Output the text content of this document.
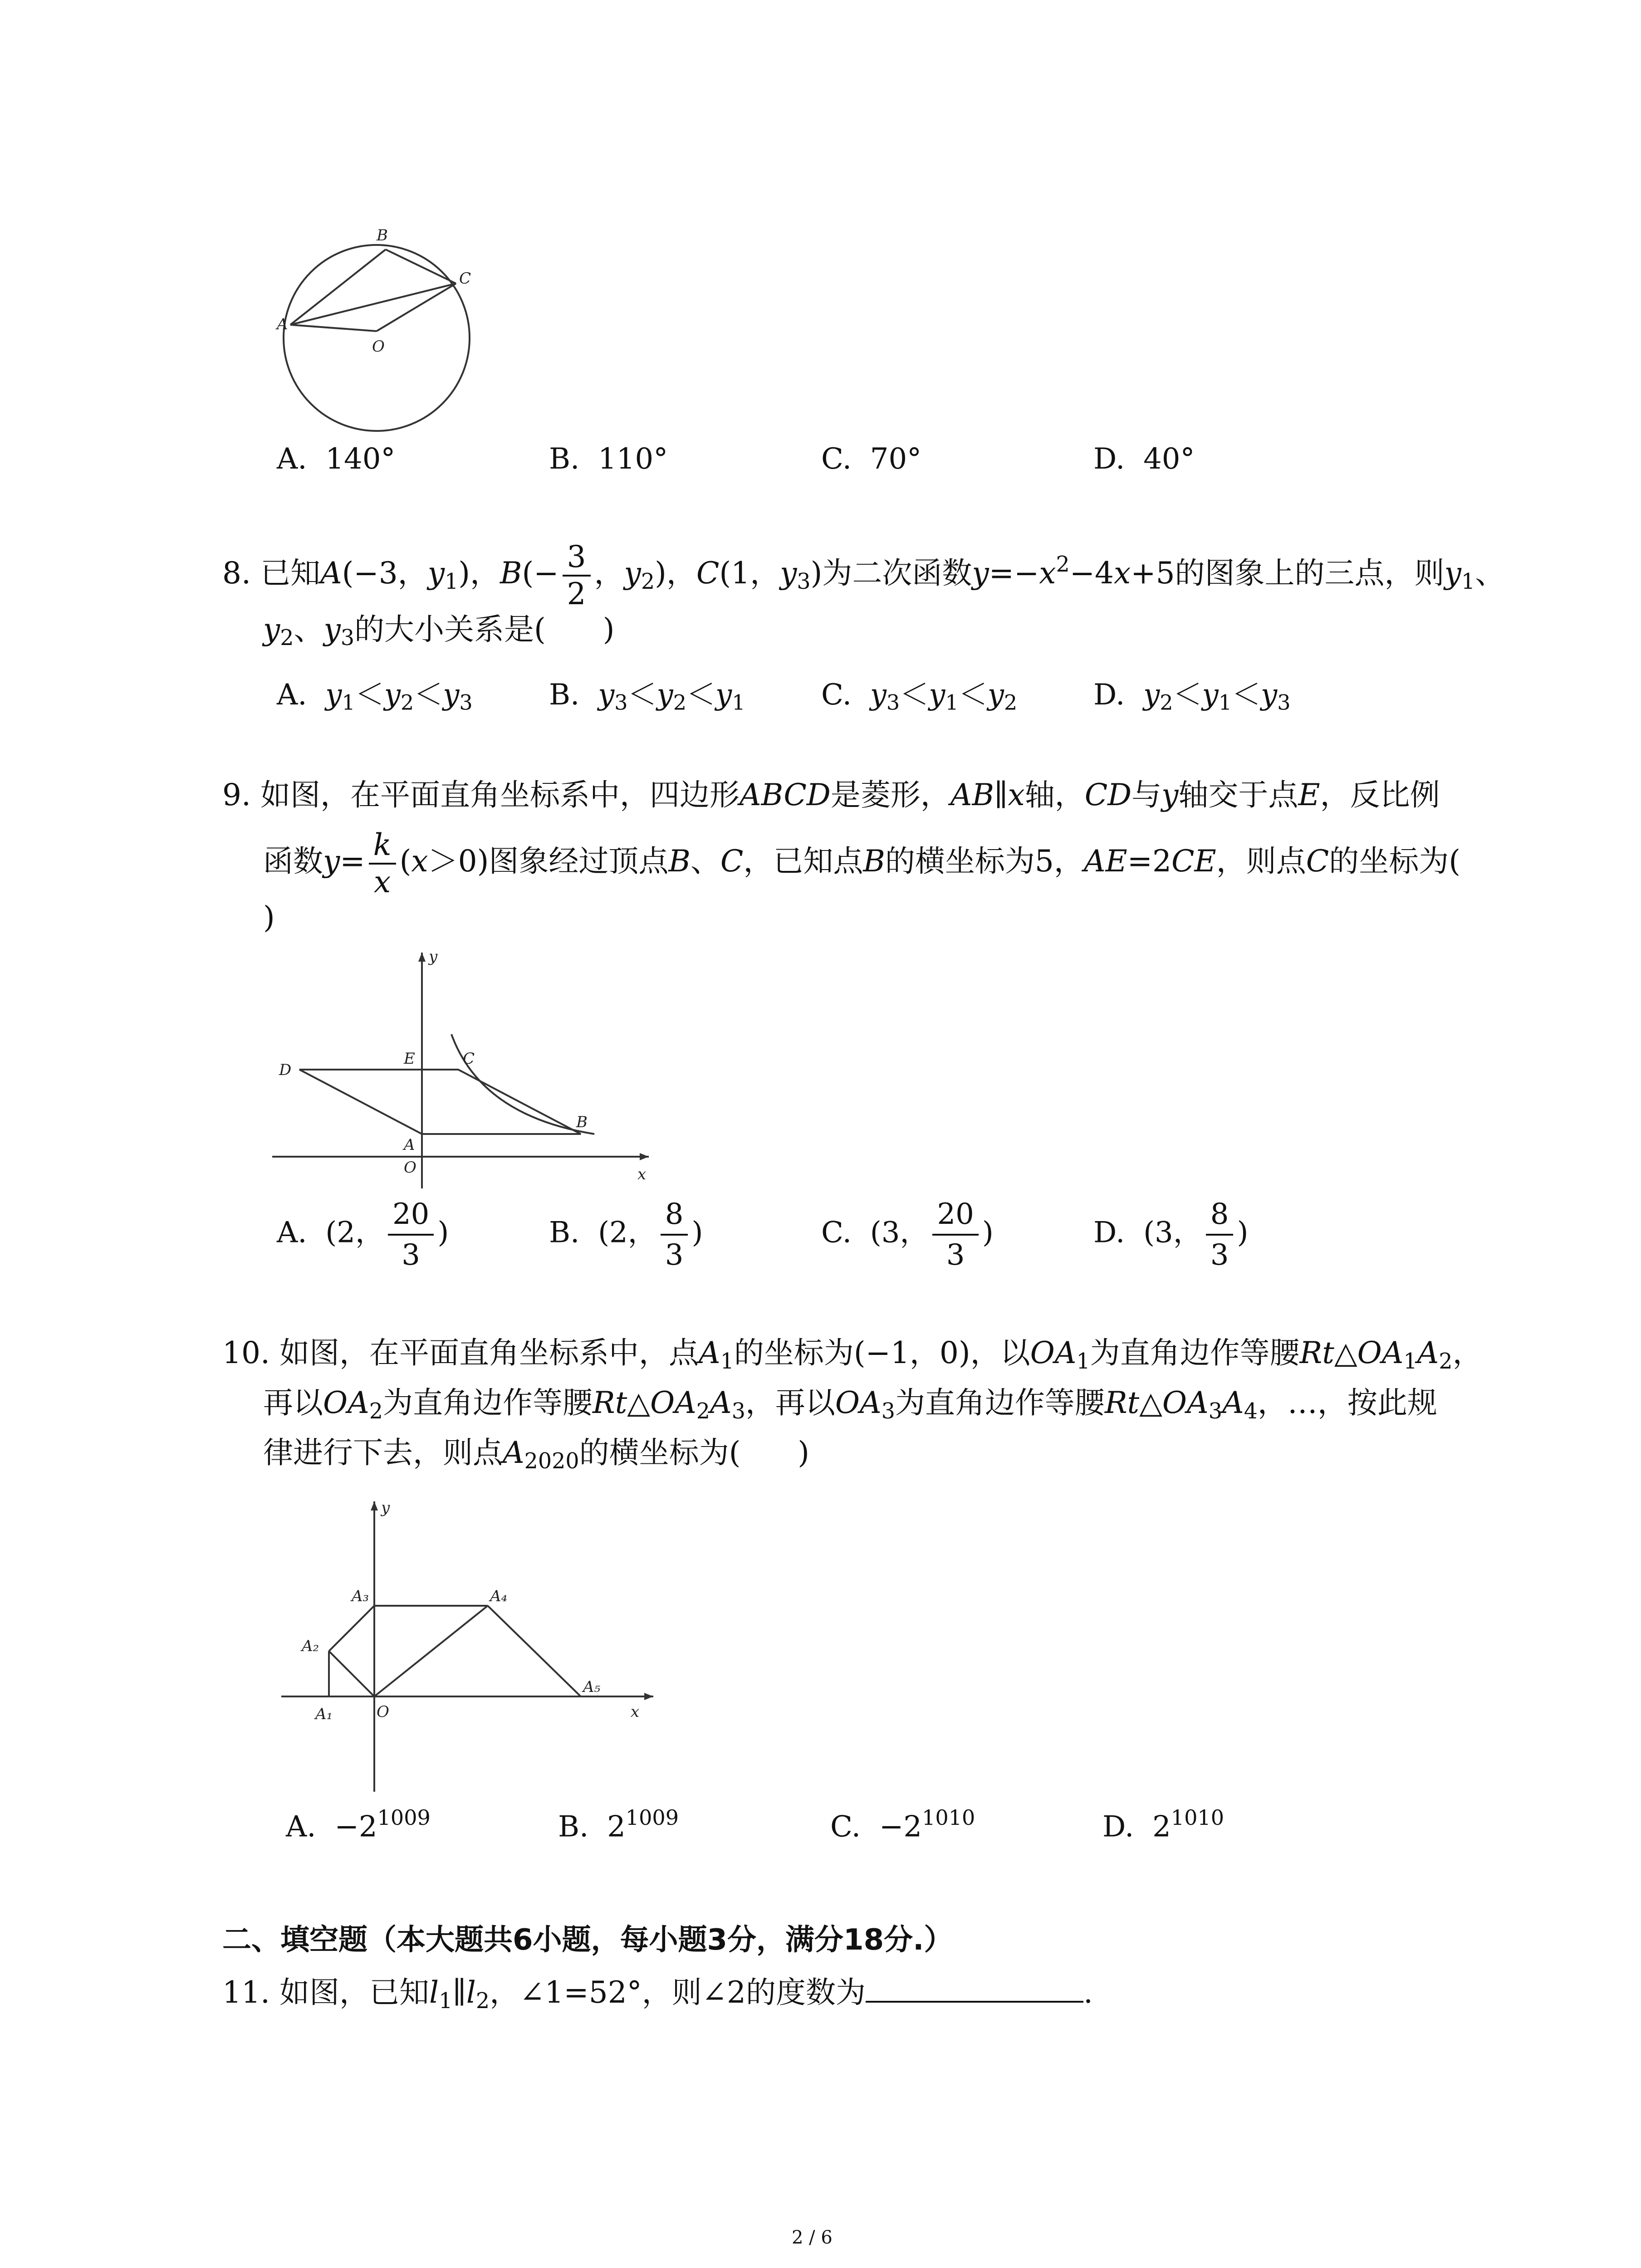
A
B
C
O
A. 140°	B. 110°	C. 70°	D. 40°
8. 已知A(−3，$y_1$)，$B(- \frac{3}{2}$ ，$y_2$)，C(1，$y_3$)为二次函数$y=-x^2-4x+5$的图象上的三点，则$y_1$、
$y_2$、$y_3$的大小关系是(      )
A.  $y_1<y_2<y_3$	B.  $y_3<y_2<y_1$	C.  $y_3<y_1<y_2$	D.  $y_2<y_1<y_3$
9. 如图，在平面直角坐标系中，四边形ABCD是菱形，AB∥x轴，CD与y轴交于点E，反比例
函数$y= \frac{k}{x} (x>0)$图象经过顶点B、C，已知点B的横坐标为5，AE=2CE，则点C的坐标为(
)
y
x
D
E	C
B
A
O
A.  (2， $\frac{20}{3}$ )	B.  (2， $\frac{8}{3}$ )	C.  (3， $\frac{20}{3}$ )	D.  (3， $\frac{8}{3}$ )
10. 如图，在平面直角坐标系中，点$A_1$的坐标为(−1，0)，以$OA_1$为直角边作等腰$Rt\triangle OA_1A_2$，
再以$OA_2$为直角边作等腰$Rt\triangle OA_2A_3$，再以$OA_3$为直角边作等腰$Rt\triangle OA_3A_4$，…，按此规
律进行下去，则点$A_{2020}$的横坐标为(      )
y
x
O
A₁
A₂
A₃	A₄
A₅
A. $-2^{1009}$	B. $2^{1009}$	C. $-2^{1010}$	D. $2^{1010}$
二、填空题（本大题共6小题，每小题3分，满分18分.）
11. 如图，已知$l_1\parallel l_2$，∠1=52°，则∠2的度数为	.
2 / 6
